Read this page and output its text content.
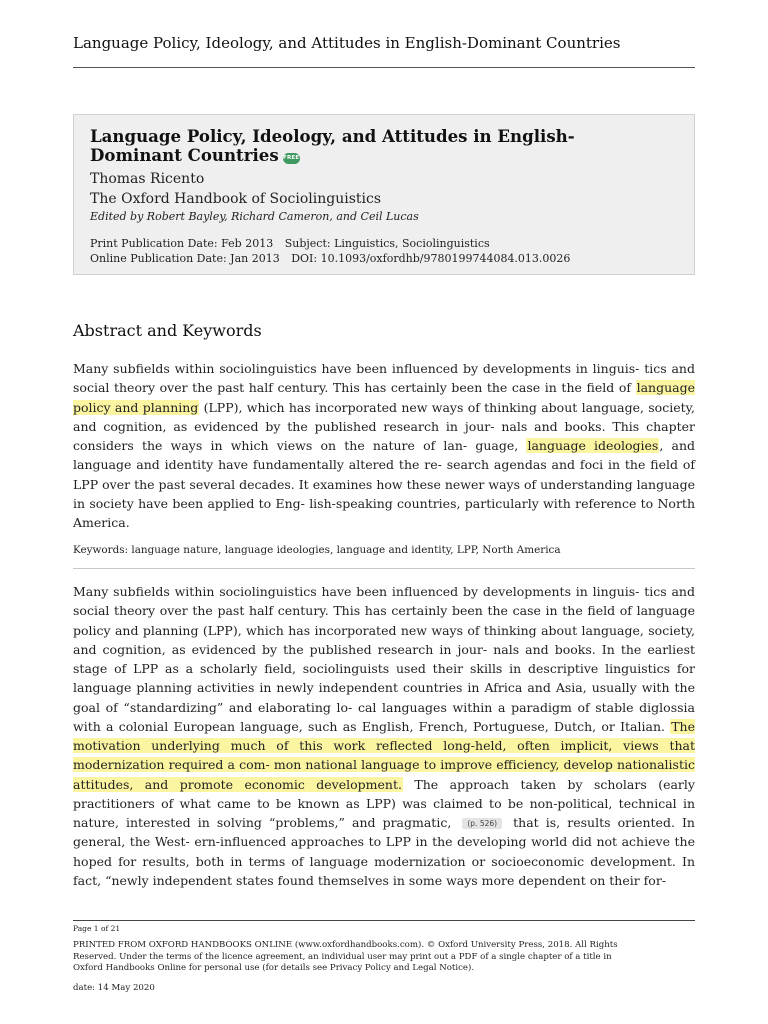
Language Policy, Ideology, and Attitudes in English-Dominant Countries
Language Policy, Ideology, and Attitudes in English-
Dominant Countries FREE

Thomas Ricento

The Oxford Handbook of Sociolinguistics

Edited by Robert Bayley, Richard Cameron, and Ceil Lucas

Print Publication Date: Feb 2013 Subject: Linguistics, Sociolinguistics
Online Publication Date: Jan 2013 DOI: 10.1093/oxfordhb/9780199744084.013.0026
Abstract and Keywords

Many subfields within sociolinguistics have been influenced by developments in linguis- tics and social theory over the past half century. This has certainly been the case in the field of language policy and planning (LPP), which has incorporated new ways of thinking about language, society, and cognition, as evidenced by the published research in jour- nals and books. This chapter considers the ways in which views on the nature of lan- guage, language ideologies, and language and identity have fundamentally altered the re- search agendas and foci in the field of LPP over the past several decades. It examines how these newer ways of understanding language in society have been applied to Eng- lish-speaking countries, particularly with reference to North America.

Keywords: language nature, language ideologies, language and identity, LPP, North America

Many subfields within sociolinguistics have been influenced by developments in linguis- tics and social theory over the past half century. This has certainly been the case in the field of language policy and planning (LPP), which has incorporated new ways of thinking about language, society, and cognition, as evidenced by the published research in jour- nals and books. In the earliest stage of LPP as a scholarly field, sociolinguists used their skills in descriptive linguistics for language planning activities in newly independent countries in Africa and Asia, usually with the goal of “standardizing” and elaborating lo- cal languages within a paradigm of stable diglossia with a colonial European language, such as English, French, Portuguese, Dutch, or Italian. The motivation underlying much of this work reflected long-held, often implicit, views that modernization required a com- mon national language to improve efficiency, develop nationalistic attitudes, and promote economic development. The approach taken by scholars (early practitioners of what came to be known as LPP) was claimed to be non-political, technical in nature, interested in solving “problems,” and pragmatic, (p. 526) that is, results oriented. In general, the West- ern-influenced approaches to LPP in the developing world did not achieve the hoped for results, both in terms of language modernization or socioeconomic development. In fact, “newly independent states found themselves in some ways more dependent on their for-

Page 1 of 21

PRINTED FROM OXFORD HANDBOOKS ONLINE (www.oxfordhandbooks.com). © Oxford University Press, 2018. All Rights
Reserved. Under the terms of the licence agreement, an individual user may print out a PDF of a single chapter of a title in
Oxford Handbooks Online for personal use (for details see Privacy Policy and Legal Notice).

date: 14 May 2020
